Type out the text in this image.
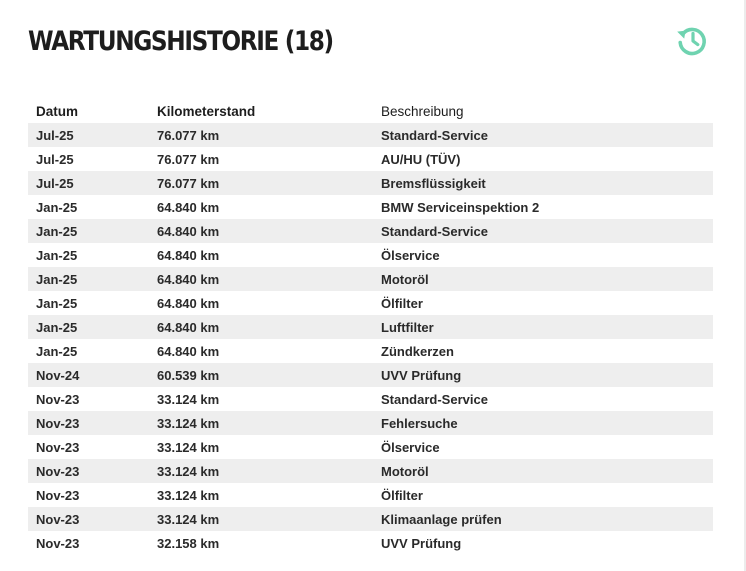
WARTUNGSHISTORIE (18)
Datum	Kilometerstand	Beschreibung
Jul-25	76.077 km	Standard-Service
Jul-25	76.077 km	AU/HU (TÜV)
Jul-25	76.077 km	Bremsflüssigkeit
Jan-25	64.840 km	BMW Serviceinspektion 2
Jan-25	64.840 km	Standard-Service
Jan-25	64.840 km	Ölservice
Jan-25	64.840 km	Motoröl
Jan-25	64.840 km	Ölfilter
Jan-25	64.840 km	Luftfilter
Jan-25	64.840 km	Zündkerzen
Nov-24	60.539 km	UVV Prüfung
Nov-23	33.124 km	Standard-Service
Nov-23	33.124 km	Fehlersuche
Nov-23	33.124 km	Ölservice
Nov-23	33.124 km	Motoröl
Nov-23	33.124 km	Ölfilter
Nov-23	33.124 km	Klimaanlage prüfen
Nov-23	32.158 km	UVV Prüfung
